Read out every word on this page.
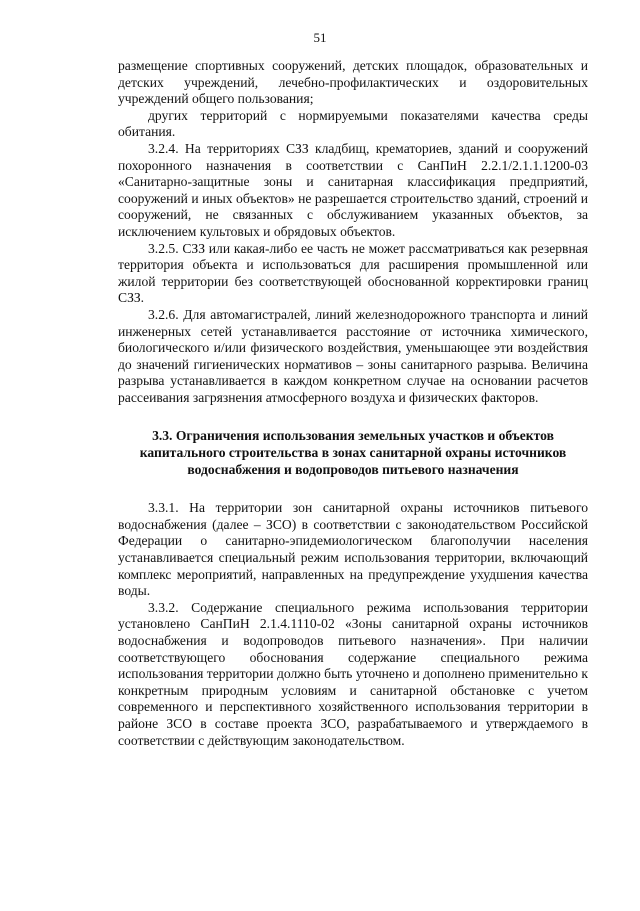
51

размещение спортивных сооружений, детских площадок, образовательных и детских учреждений, лечебно-профилактических и оздоровительных учреждений общего пользования;

других территорий с нормируемыми показателями качества среды обитания.

3.2.4. На территориях СЗЗ кладбищ, крематориев, зданий и сооружений похоронного назначения в соответствии с СанПиН 2.2.1/2.1.1.1200-03 «Санитарно-защитные зоны и санитарная классификация предприятий, сооружений и иных объектов» не разрешается строительство зданий, строений и сооружений, не связанных с обслуживанием указанных объектов, за исключением культовых и обрядовых объектов.

3.2.5. СЗЗ или какая-либо ее часть не может рассматриваться как резервная территория объекта и использоваться для расширения промышленной или жилой территории без соответствующей обоснованной корректировки границ СЗЗ.

3.2.6. Для автомагистралей, линий железнодорожного транспорта и линий инженерных сетей устанавливается расстояние от источника химического, биологического и/или физического воздействия, уменьшающее эти воздействия до значений гигиенических нормативов – зоны санитарного разрыва. Величина разрыва устанавливается в каждом конкретном случае на основании расчетов рассеивания загрязнения атмосферного воздуха и физических факторов.

3.3. Ограничения использования земельных участков и объектов капитального строительства в зонах санитарной охраны источников водоснабжения и водопроводов питьевого назначения

3.3.1. На территории зон санитарной охраны источников питьевого водоснабжения (далее – ЗСО) в соответствии с законодательством Российской Федерации о санитарно-эпидемиологическом благополучии населения устанавливается специальный режим использования территории, включающий комплекс мероприятий, направленных на предупреждение ухудшения качества воды.

3.3.2. Содержание специального режима использования территории установлено СанПиН 2.1.4.1110-02 «Зоны санитарной охраны источников водоснабжения и водопроводов питьевого назначения». При наличии соответствующего обоснования содержание специального режима использования территории должно быть уточнено и дополнено применительно к конкретным природным условиям и санитарной обстановке с учетом современного и перспективного хозяйственного использования территории в районе ЗСО в составе проекта ЗСО, разрабатываемого и утверждаемого в соответствии с действующим законодательством.
